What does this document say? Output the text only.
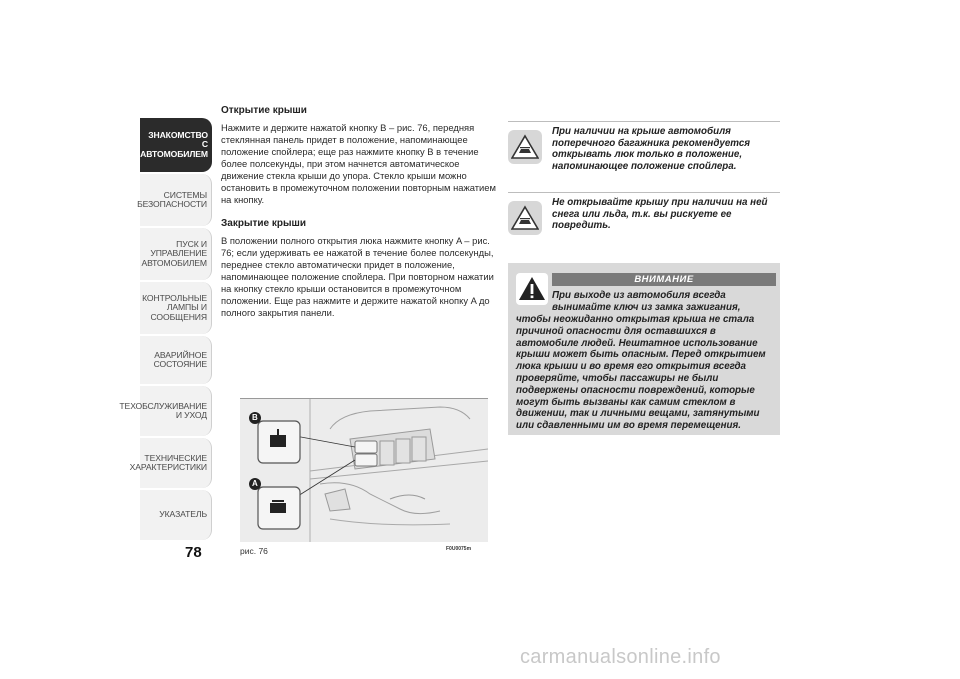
ЗНАКОМСТВО С
АВТОМОБИЛЕМ
СИСТЕМЫ
БЕЗОПАСНОСТИ
ПУСК И УПРАВЛЕНИЕ
АВТОМОБИЛЕМ
КОНТРОЛЬНЫЕ
ЛАМПЫ И
СООБЩЕНИЯ
АВАРИЙНОЕ
СОСТОЯНИЕ
ТЕХОБСЛУЖИВАНИЕ
И УХОД
ТЕХНИЧЕСКИЕ
ХАРАКТЕРИСТИКИ
УКАЗАТЕЛЬ
78
Открытие крыши
Нажмите и держите нажатой кнопку B – рис. 76, передняя стеклянная панель придет в положение, напоминающее положение спойлера; еще раз нажмите кнопку B в течение более полсекунды, при этом начнется автоматическое движение стекла крыши до упора. Стекло крыши можно остановить в промежуточном положении повторным нажатием на кнопку.
Закрытие крыши
В положении полного открытия люка нажмите кнопку A – рис. 76; если удерживать ее нажатой в течение более полсекунды, переднее стекло автоматически придет в положение, напоминающее положение спойлера. При повторном нажатии на кнопку стекло крыши остановится в промежуточном положении. Еще раз нажмите и держите нажатой кнопку A до полного закрытия панели.
B
A
рис. 76	F0U0075m
При наличии на крыше автомобиля поперечного багажника рекомендуется открывать люк только в положение, напоминающее положение спойлера.
Не открывайте крышу при наличии на ней снега или льда, т.к. вы рискуете ее повредить.
ВНИМАНИЕ
При выходе из автомобиля всегда вынимайте ключ из замка зажигания,
чтобы неожиданно открытая крыша не стала причиной опасности для оставшихся в автомобиле людей. Нештатное использование крыши может быть опасным. Перед открытием люка крыши и во время его открытия всегда проверяйте, чтобы пассажиры не были подвержены опасности повреждений, которые могут быть вызваны как самим стеклом в движении, так и личными вещами, затянутыми или сдавленными им во время перемещения.
carmanualsonline.info
